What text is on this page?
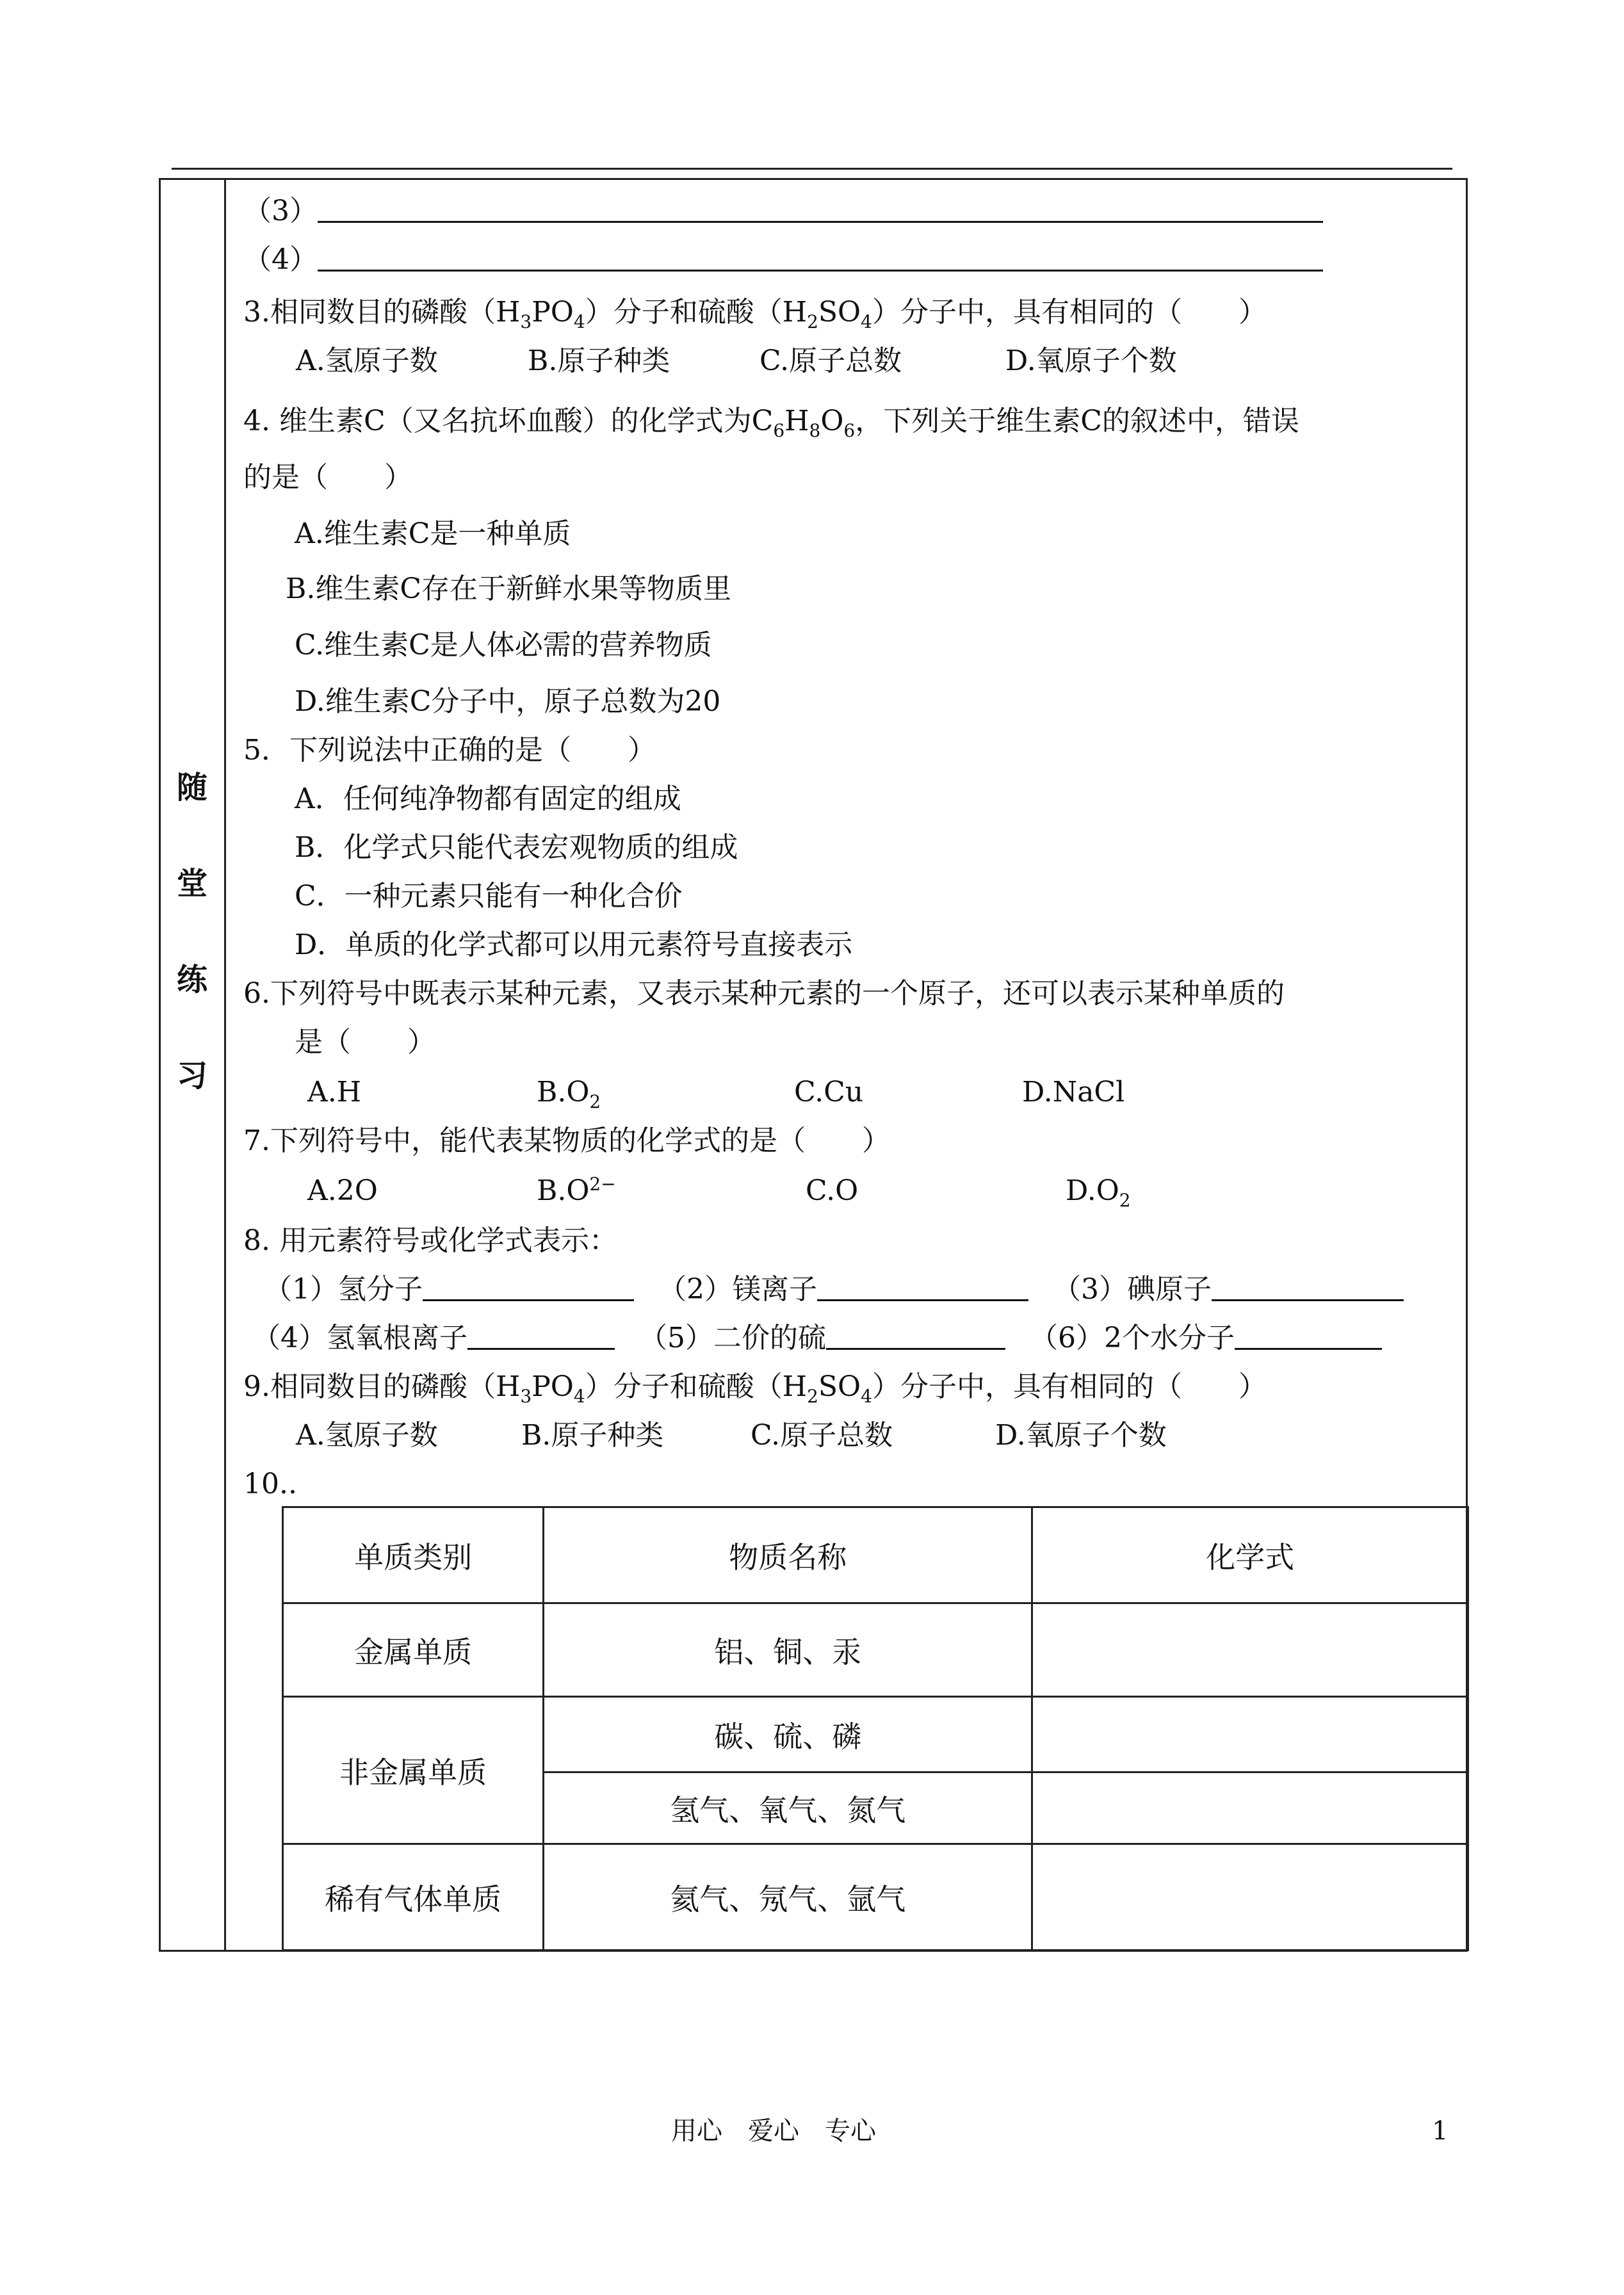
随
堂
练
习
（3）
（4）
3.相同数目的磷酸$(H_3PO_4)$分子和硫酸$(H_2SO_4)$分子中，具有相同的（　　）
A.氢原子数	B.原子种类	C.原子总数	D.氧原子个数
4. 维生素C（又名抗坏血酸）的化学式为$C_6H_8O_6$，下列关于维生素C的叙述中，错误
的是（　　）
A.维生素C是一种单质
B.维生素C存在于新鲜水果等物质里
C.维生素C是人体必需的营养物质
D.维生素C分子中，原子总数为20
5．下列说法中正确的是（　　）
A．任何纯净物都有固定的组成
B．化学式只能代表宏观物质的组成
C．一种元素只能有一种化合价
D．单质的化学式都可以用元素符号直接表示
6.下列符号中既表示某种元素，又表示某种元素的一个原子，还可以表示某种单质的
是（　　）
A.H	$B.O_2$	C.Cu	D.NaCl
7.下列符号中，能代表某物质的化学式的是（　　）
A.2O	$B.O^{2-}$	C.O	$D.O_2$
8. 用元素符号或化学式表示：
（1）氢分子	（2）镁离子	（3）碘原子
（4）氢氧根离子	（5）二价的硫	（6）2个水分子
9.相同数目的磷酸$(H_3PO_4)$分子和硫酸$(H_2SO_4)$分子中，具有相同的（　　）
A.氢原子数	B.原子种类	C.原子总数	D.氧原子个数
10..
单质类别	物质名称	化学式
金属单质	铝、铜、汞	
非金属单质	碳、硫、磷	
	氢气、氧气、氮气	
稀有气体单质	氦气、氖气、氩气	
用心　爱心　专心	1
